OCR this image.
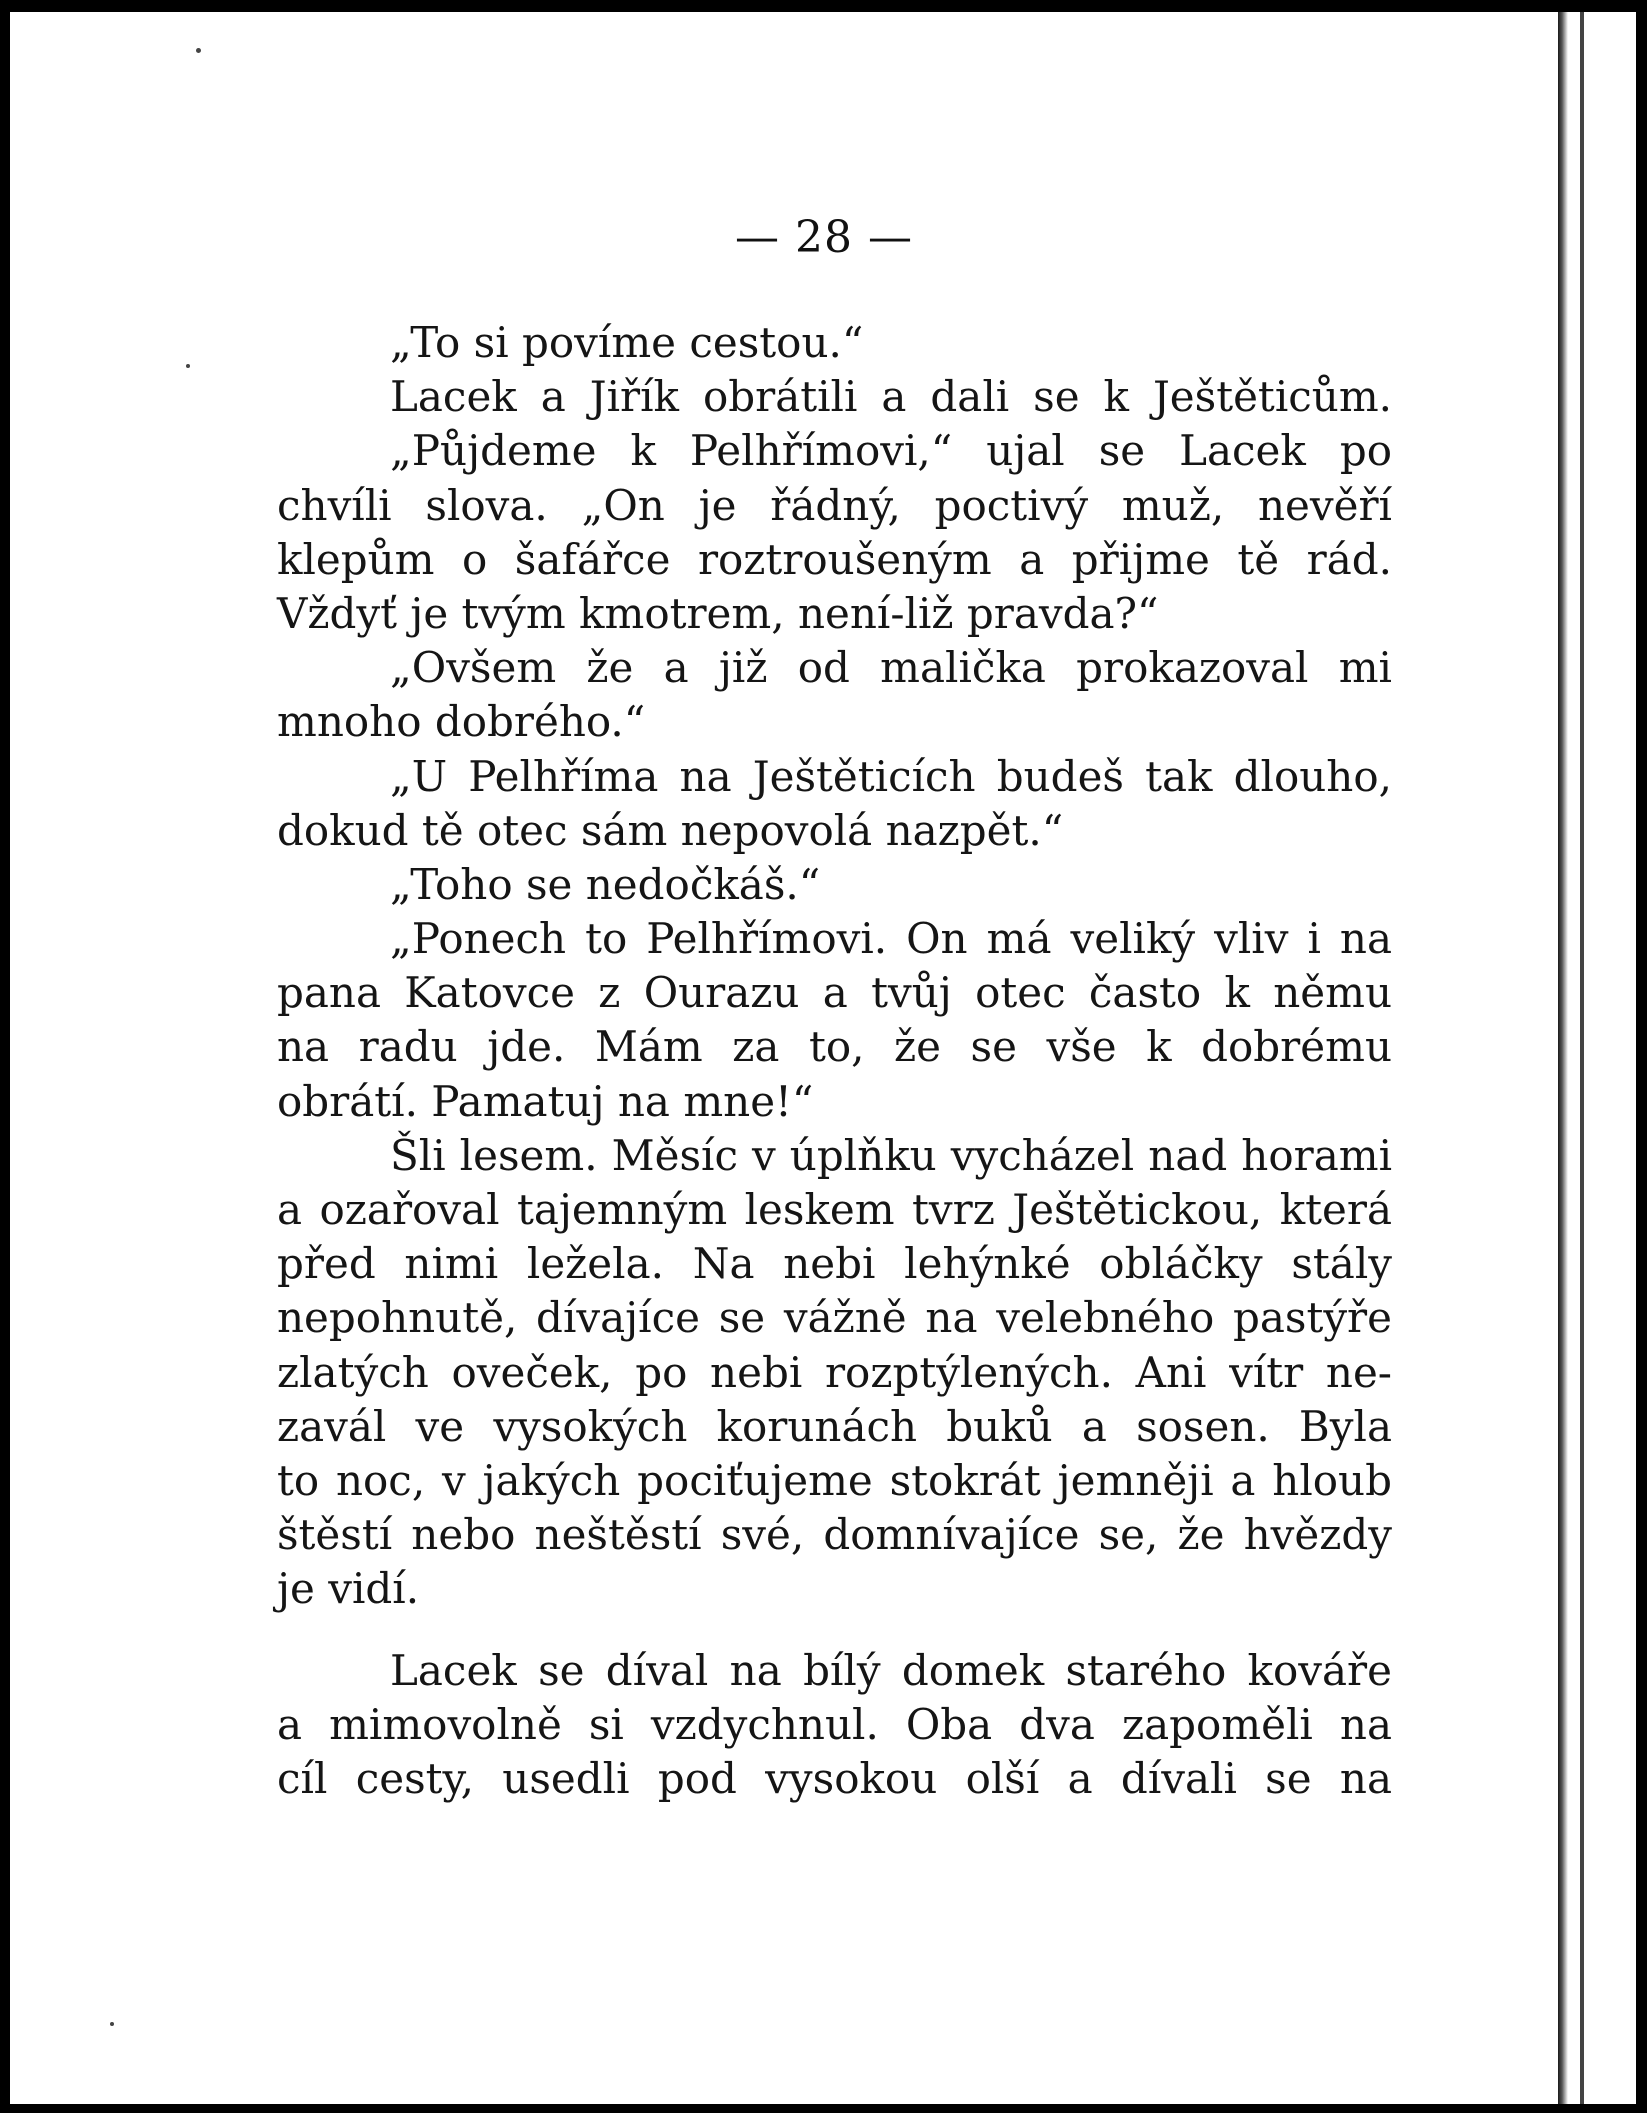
— 28 —
„To si povíme cestou.“
Lacek a Jiřík obrátili a dali se k Ještěticům.
„Půjdeme k Pelhřímovi,“ ujal se Lacek po
chvíli slova. „On je řádný, poctivý muž, nevěří
klepům o šafářce roztroušeným a přijme tě rád.
Vždyť je tvým kmotrem, není-liž pravda?“
„Ovšem že a již od malička prokazoval mi
mnoho dobrého.“
„U Pelhříma na Ještěticích budeš tak dlouho,
dokud tě otec sám nepovolá nazpět.“
„Toho se nedočkáš.“
„Ponech to Pelhřímovi. On má veliký vliv i na
pana Katovce z Ourazu a tvůj otec často k němu
na radu jde. Mám za to, že se vše k dobrému
obrátí. Pamatuj na mne!“
Šli lesem. Měsíc v úplňku vycházel nad horami
a ozařoval tajemným leskem tvrz Ještětickou, která
před nimi ležela. Na nebi lehýnké obláčky stály
nepohnutě, dívajíce se vážně na velebného pastýře
zlatých oveček, po nebi rozptýlených. Ani vítr ne-
zavál ve vysokých korunách buků a sosen. Byla
to noc, v jakých pociťujeme stokrát jemněji a hloub
štěstí nebo neštěstí své, domnívajíce se, že hvězdy
je vidí.
Lacek se díval na bílý domek starého kováře
a mimovolně si vzdychnul. Oba dva zapoměli na
cíl cesty, usedli pod vysokou olší a dívali se na
